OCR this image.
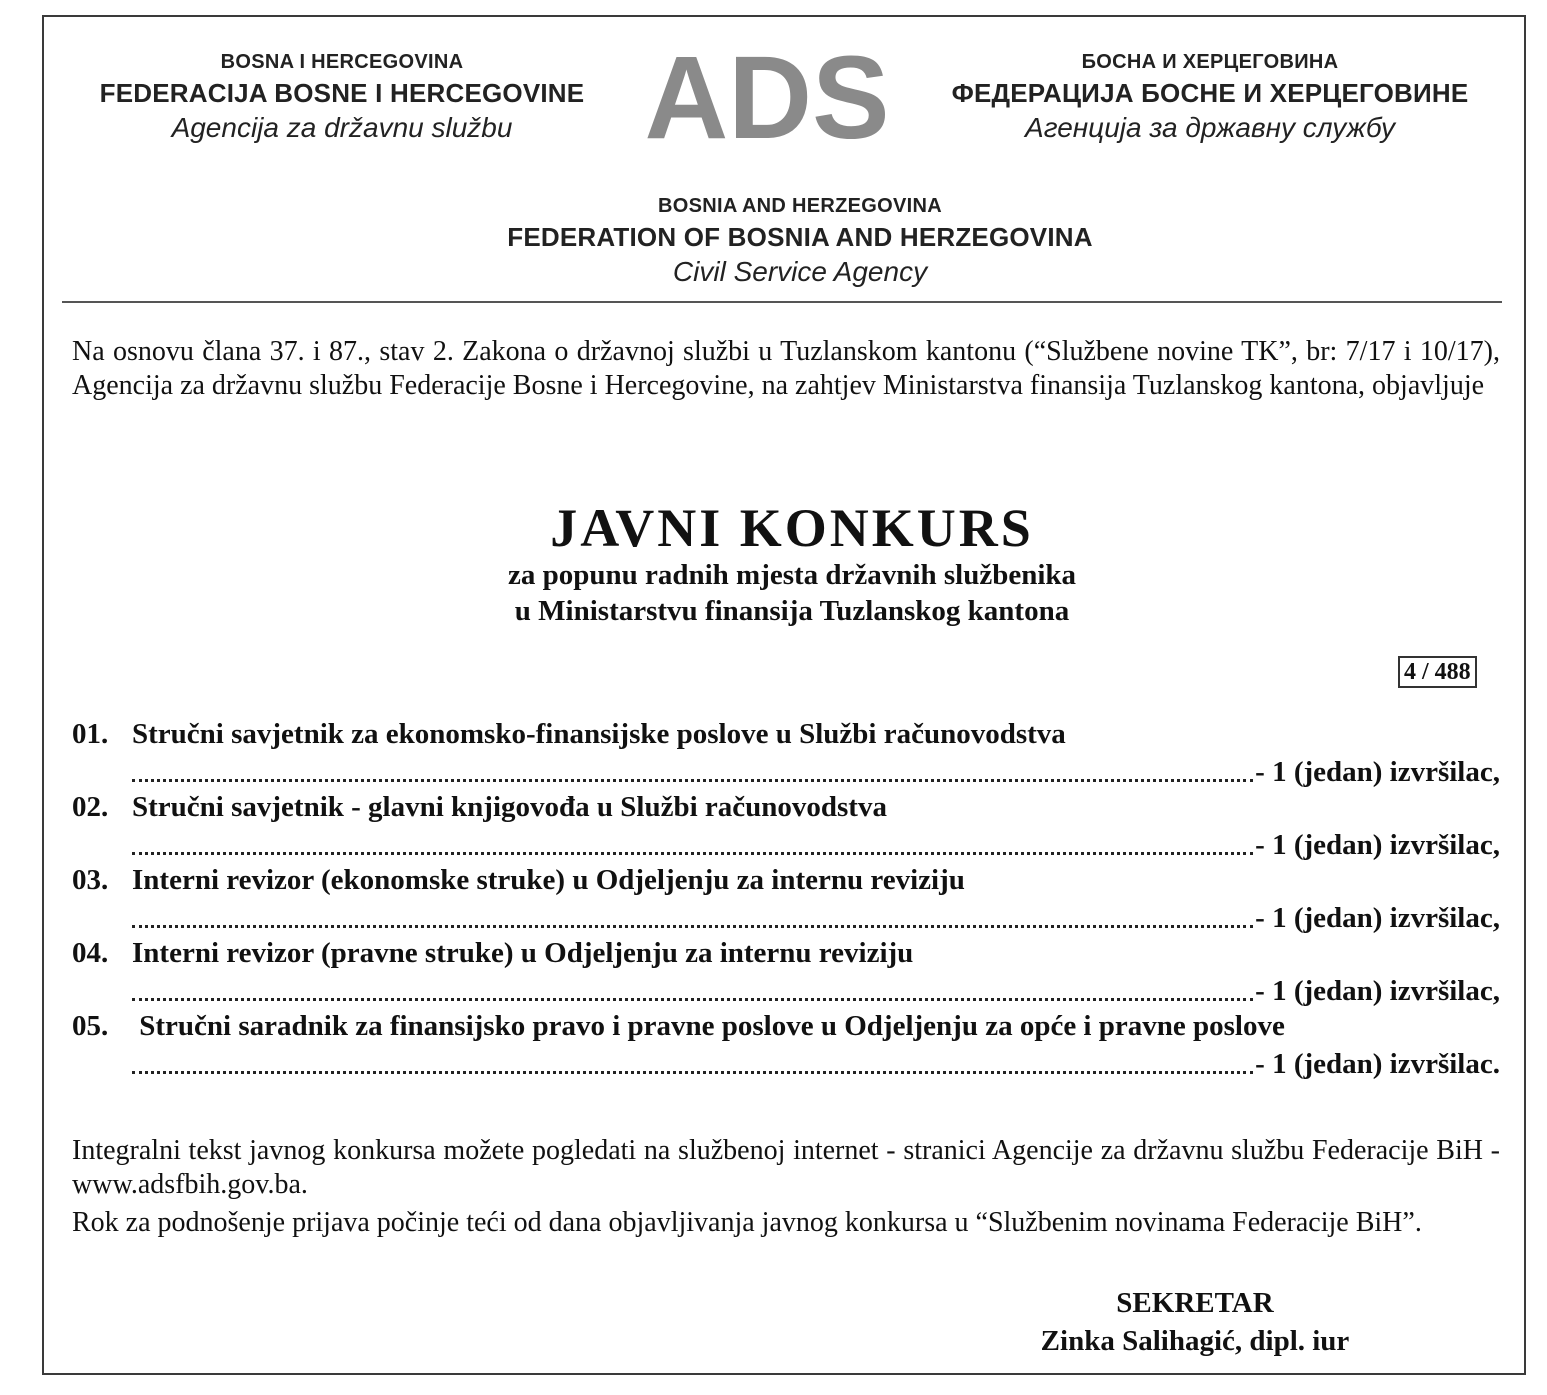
BOSNA I HERCEGOVINA
FEDERACIJA BOSNE I HERCEGOVINE
Agencija za državnu službu	ADS	БОСНА И ХЕРЦЕГОВИНА
ФЕДЕРАЦИЈА БОСНЕ И ХЕРЦЕГОВИНЕ
Агенција за државну службу
BOSNIA AND HERZEGOVINA
FEDERATION OF BOSNIA AND HERZEGOVINA
Civil Service Agency

Na osnovu člana 37. i 87., stav 2. Zakona o državnoj službi u Tuzlanskom kantonu (“Službene novine TK”, br: 7/17 i 10/17), Agencija za državnu službu Federacije Bosne i Hercegovine, na zahtjev Ministarstva finansija Tuzlanskog kantona, objavljuje

JAVNI KONKURS
za popunu radnih mjesta državnih službenika
u Ministarstvu finansija Tuzlanskog kantona
4 / 488
01. Stručni savjetnik za ekonomsko-finansijske poslove u Službi računovodstva
- 1 (jedan) izvršilac,
02. Stručni savjetnik - glavni knjigovođa u Službi računovodstva
- 1 (jedan) izvršilac,
03. Interni revizor (ekonomske struke) u Odjeljenju za internu reviziju
- 1 (jedan) izvršilac,
04. Interni revizor (pravne struke) u Odjeljenju za internu reviziju
- 1 (jedan) izvršilac,
05. Stručni saradnik za finansijsko pravo i pravne poslove u Odjeljenju za opće i pravne poslove
- 1 (jedan) izvršilac.

Integralni tekst javnog konkursa možete pogledati na službenoj internet - stranici Agencije za državnu službu Federacije BiH - www.adsfbih.gov.ba.

Rok za podnošenje prijava počinje teći od dana objavljivanja javnog konkursa u “Službenim novinama Federacije BiH”.

SEKRETAR
Zinka Salihagić, dipl. iur
